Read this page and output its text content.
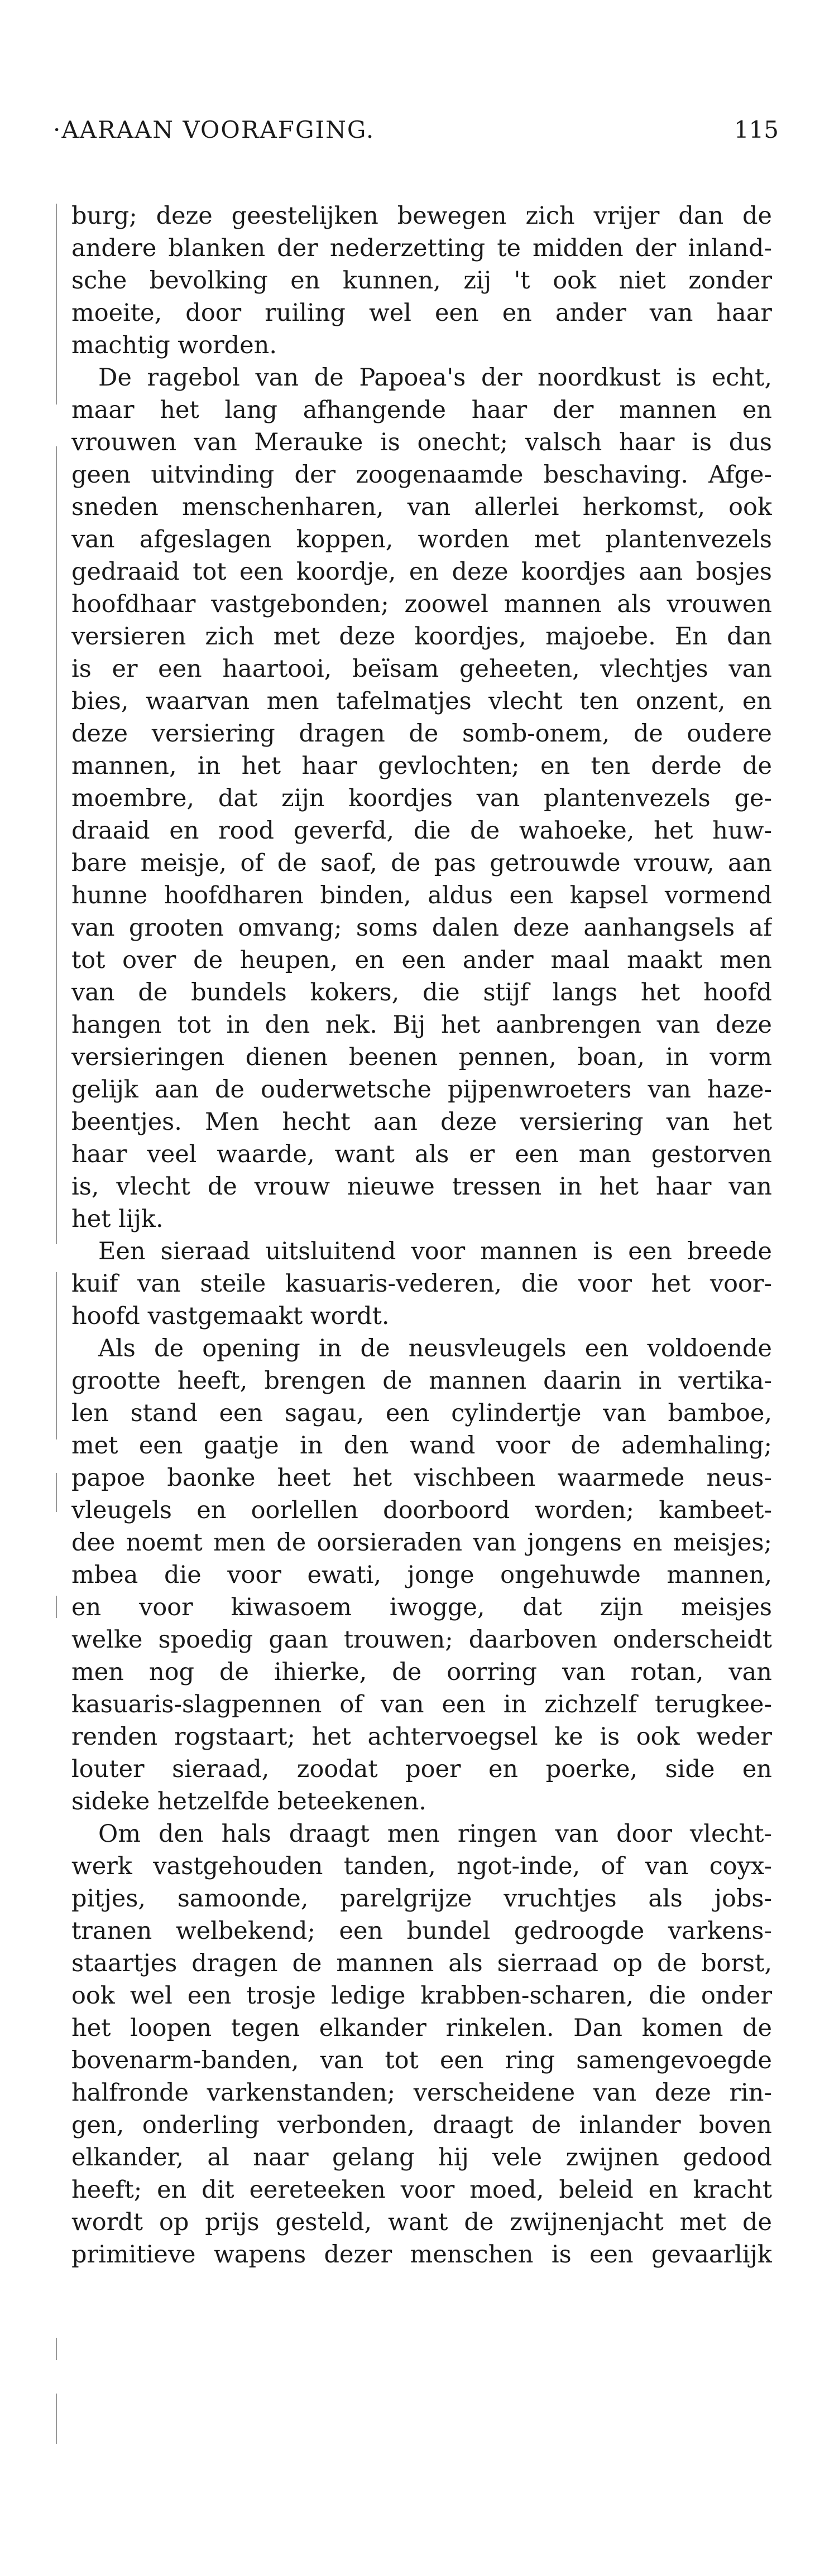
·AARAAN VOORAFGING.	115
burg; deze geestelijken bewegen zich vrijer dan de
andere blanken der nederzetting te midden der inland-
sche bevolking en kunnen, zij 't ook niet zonder
moeite, door ruiling wel een en ander van haar
machtig worden.
De ragebol van de Papoea's der noordkust is echt,
maar het lang afhangende haar der mannen en
vrouwen van Merauke is onecht; valsch haar is dus
geen uitvinding der zoogenaamde beschaving. Afge-
sneden menschenharen, van allerlei herkomst, ook
van afgeslagen koppen, worden met plantenvezels
gedraaid tot een koordje, en deze koordjes aan bosjes
hoofdhaar vastgebonden; zoowel mannen als vrouwen
versieren zich met deze koordjes, majoebe. En dan
is er een haartooi, beïsam geheeten, vlechtjes van
bies, waarvan men tafelmatjes vlecht ten onzent, en
deze versiering dragen de somb-onem, de oudere
mannen, in het haar gevlochten; en ten derde de
moembre, dat zijn koordjes van plantenvezels ge-
draaid en rood geverfd, die de wahoeke, het huw-
bare meisje, of de saof, de pas getrouwde vrouw, aan
hunne hoofdharen binden, aldus een kapsel vormend
van grooten omvang; soms dalen deze aanhangsels af
tot over de heupen, en een ander maal maakt men
van de bundels kokers, die stijf langs het hoofd
hangen tot in den nek. Bij het aanbrengen van deze
versieringen dienen beenen pennen, boan, in vorm
gelijk aan de ouderwetsche pijpenwroeters van haze-
beentjes. Men hecht aan deze versiering van het
haar veel waarde, want als er een man gestorven
is, vlecht de vrouw nieuwe tressen in het haar van
het lijk.
Een sieraad uitsluitend voor mannen is een breede
kuif van steile kasuaris-vederen, die voor het voor-
hoofd vastgemaakt wordt.
Als de opening in de neusvleugels een voldoende
grootte heeft, brengen de mannen daarin in vertika-
len stand een sagau, een cylindertje van bamboe,
met een gaatje in den wand voor de ademhaling;
papoe baonke heet het vischbeen waarmede neus-
vleugels en oorlellen doorboord worden; kambeet-
dee noemt men de oorsieraden van jongens en meisjes;
mbea die voor ewati, jonge ongehuwde mannen,
en voor kiwasoem iwogge, dat zijn meisjes
welke spoedig gaan trouwen; daarboven onderscheidt
men nog de ihierke, de oorring van rotan, van
kasuaris-slagpennen of van een in zichzelf terugkee-
renden rogstaart; het achtervoegsel ke is ook weder
louter sieraad, zoodat poer en poerke, side en
sideke hetzelfde beteekenen.
Om den hals draagt men ringen van door vlecht-
werk vastgehouden tanden, ngot-inde, of van coyx-
pitjes, samoonde, parelgrijze vruchtjes als jobs-
tranen welbekend; een bundel gedroogde varkens-
staartjes dragen de mannen als sierraad op de borst,
ook wel een trosje ledige krabben-scharen, die onder
het loopen tegen elkander rinkelen. Dan komen de
bovenarm-banden, van tot een ring samengevoegde
halfronde varkenstanden; verscheidene van deze rin-
gen, onderling verbonden, draagt de inlander boven
elkander, al naar gelang hij vele zwijnen gedood
heeft; en dit eereteeken voor moed, beleid en kracht
wordt op prijs gesteld, want de zwijnenjacht met de
primitieve wapens dezer menschen is een gevaarlijk
